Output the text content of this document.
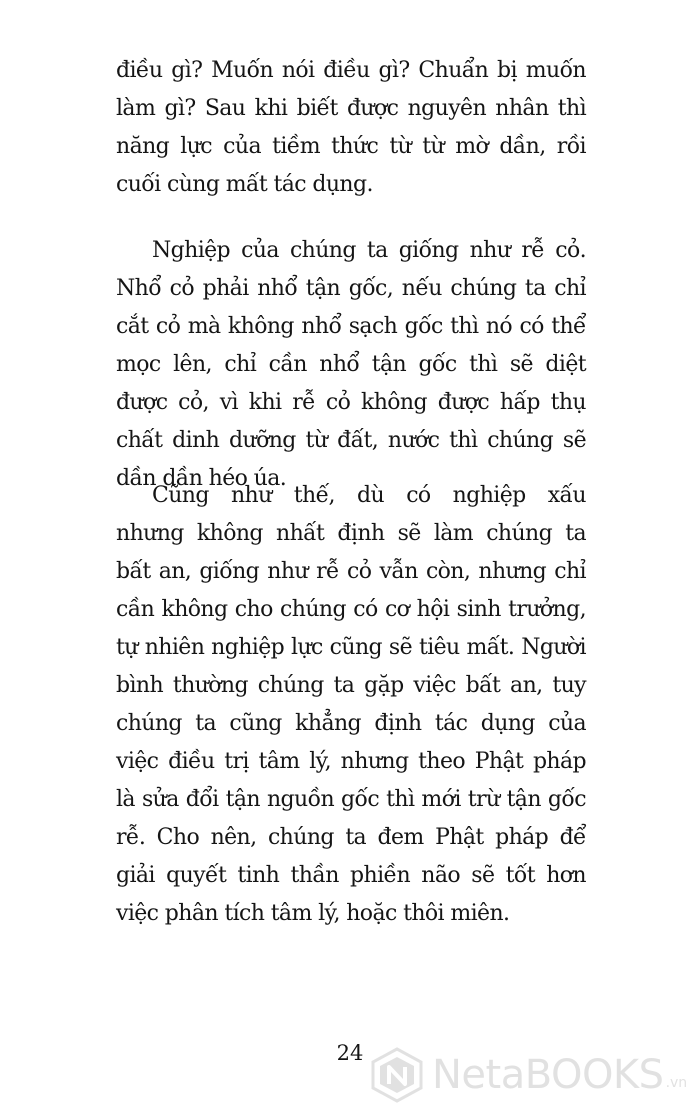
điều gì? Muốn nói điều gì? Chuẩn bị muốn
làm gì? Sau khi biết được nguyên nhân thì
năng lực của tiềm thức từ từ mờ dần, rồi
cuối cùng mất tác dụng.
Nghiệp của chúng ta giống như rễ cỏ.
Nhổ cỏ phải nhổ tận gốc, nếu chúng ta chỉ
cắt cỏ mà không nhổ sạch gốc thì nó có thể
mọc lên, chỉ cần nhổ tận gốc thì sẽ diệt
được cỏ, vì khi rễ cỏ không được hấp thụ
chất dinh dưỡng từ đất, nước thì chúng sẽ
dần dần héo úa.
Cũng như thế, dù có nghiệp xấu
nhưng không nhất định sẽ làm chúng ta
bất an, giống như rễ cỏ vẫn còn, nhưng chỉ
cần không cho chúng có cơ hội sinh trưởng,
tự nhiên nghiệp lực cũng sẽ tiêu mất. Người
bình thường chúng ta gặp việc bất an, tuy
chúng ta cũng khẳng định tác dụng của
việc điều trị tâm lý, nhưng theo Phật pháp
là sửa đổi tận nguồn gốc thì mới trừ tận gốc
rễ. Cho nên, chúng ta đem Phật pháp để
giải quyết tinh thần phiền não sẽ tốt hơn
việc phân tích tâm lý, hoặc thôi miên.
24	NetaBOOKS .vn
